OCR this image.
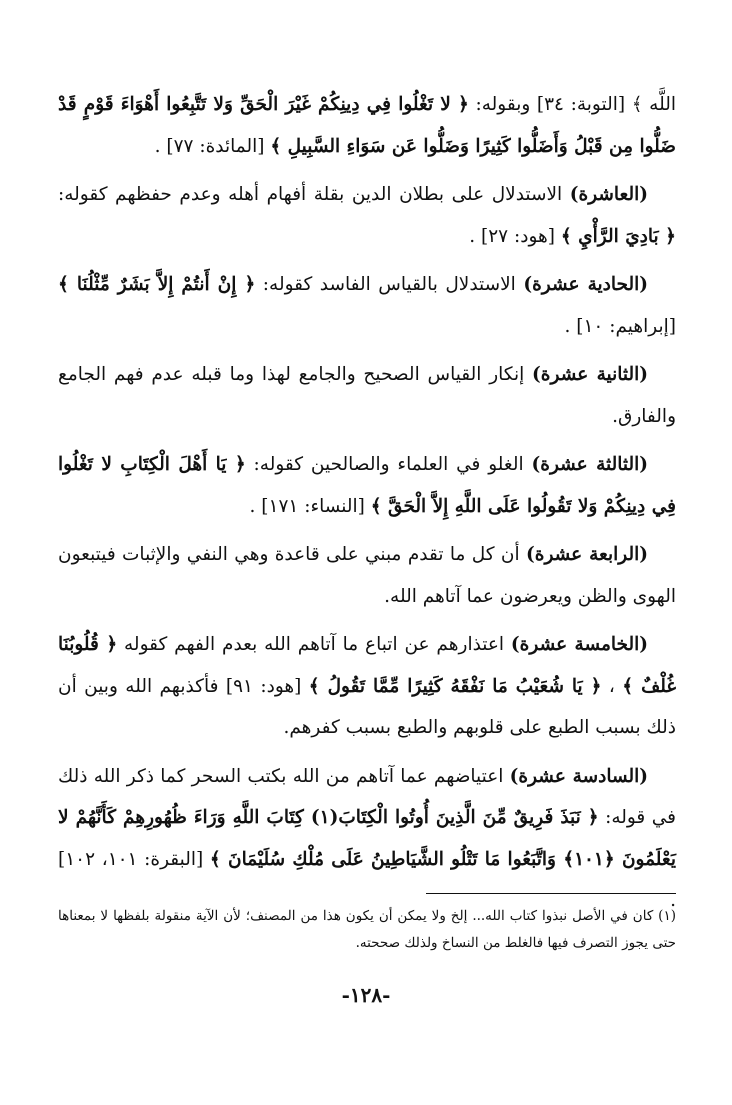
اللَّه ﴾ [التوبة: ٣٤] وبقوله: ﴿ لا تَغْلُوا فِي دِينِكُمْ غَيْرَ الْحَقِّ وَلا تَتَّبِعُوا أَهْوَاءَ قَوْمٍ قَدْ ضَلُّوا مِن قَبْلُ وَأَضَلُّوا كَثِيرًا وَضَلُّوا عَن سَوَاءِ السَّبِيلِ ﴾ [المائدة: ٧٧] .

(العاشرة) الاستدلال على بطلان الدين بقلة أفهام أهله وعدم حفظهم كقوله: ﴿ بَادِيَ الرَّأْيِ ﴾ [هود: ٢٧] .

(الحادية عشرة) الاستدلال بالقياس الفاسد كقوله: ﴿ إِنْ أَنتُمْ إِلاَّ بَشَرٌ مِّثْلُنَا ﴾ [إبراهيم: ١٠] .

(الثانية عشرة) إنكار القياس الصحيح والجامع لهذا وما قبله عدم فهم الجامع والفارق.

(الثالثة عشرة) الغلو في العلماء والصالحين كقوله: ﴿ يَا أَهْلَ الْكِتَابِ لا تَغْلُوا فِي دِينِكُمْ وَلا تَقُولُوا عَلَى اللَّهِ إِلاَّ الْحَقَّ ﴾ [النساء: ١٧١] .

(الرابعة عشرة) أن كل ما تقدم مبني على قاعدة وهي النفي والإثبات فيتبعون الهوى والظن ويعرضون عما آتاهم الله.

(الخامسة عشرة) اعتذارهم عن اتباع ما آتاهم الله بعدم الفهم كقوله ﴿ قُلُوبُنَا غُلْفٌ ﴾ ، ﴿ يَا شُعَيْبُ مَا نَفْقَهُ كَثِيرًا مِّمَّا تَقُولُ ﴾ [هود: ٩١] فأكذبهم الله وبين أن ذلك بسبب الطبع على قلوبهم والطبع بسبب كفرهم.

(السادسة عشرة) اعتياضهم عما آتاهم من الله بكتب السحر كما ذكر الله ذلك في قوله: ﴿ نَبَذَ فَرِيقٌ مِّنَ الَّذِينَ أُوتُوا الْكِتَابَ(١) كِتَابَ اللَّهِ وَرَاءَ ظُهُورِهِمْ كَأَنَّهُمْ لا يَعْلَمُونَ ﴿١٠١﴾ وَاتَّبَعُوا مَا تَتْلُو الشَّيَاطِينُ عَلَى مُلْكِ سُلَيْمَانَ ﴾ [البقرة: ١٠١، ١٠٢] .

(١) كان في الأصل نبذوا كتاب الله... إلخ ولا يمكن أن يكون هذا من المصنف؛ لأن الآية منقولة بلفظها لا بمعناها حتى يجوز التصرف فيها فالغلط من النساخ ولذلك صححته.
-١٢٨-
